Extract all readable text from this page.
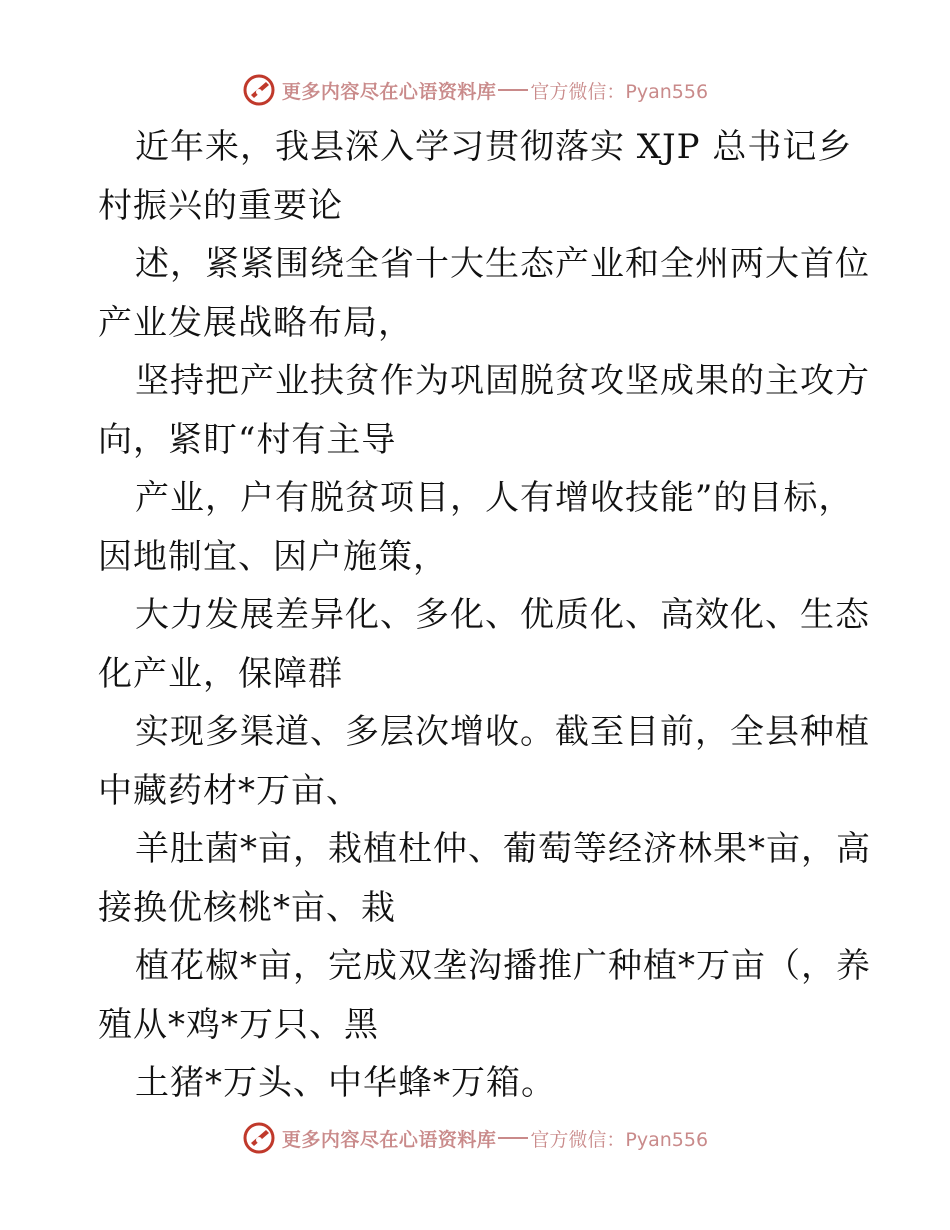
更多内容尽在心语资料库 官方微信：Pyan556
近年来，我县深入学习贯彻落实 XJP 总书记乡
村振兴的重要论
述，紧紧围绕全省十大生态产业和全州两大首位
产业发展战略布局，
坚持把产业扶贫作为巩固脱贫攻坚成果的主攻方
向，紧盯“村有主导
产业，户有脱贫项目，人有增收技能”的目标，
因地制宜、因户施策，
大力发展差异化、多化、优质化、高效化、生态
化产业，保障群
实现多渠道、多层次增收。截至目前，全县种植
中藏药材*万亩、
羊肚菌*亩，栽植杜仲、葡萄等经济林果*亩，高
接换优核桃*亩、栽
植花椒*亩，完成双垄沟播推广种植*万亩（，养
殖从*鸡*万只、黑
土猪*万头、中华蜂*万箱。
更多内容尽在心语资料库 官方微信：Pyan556
